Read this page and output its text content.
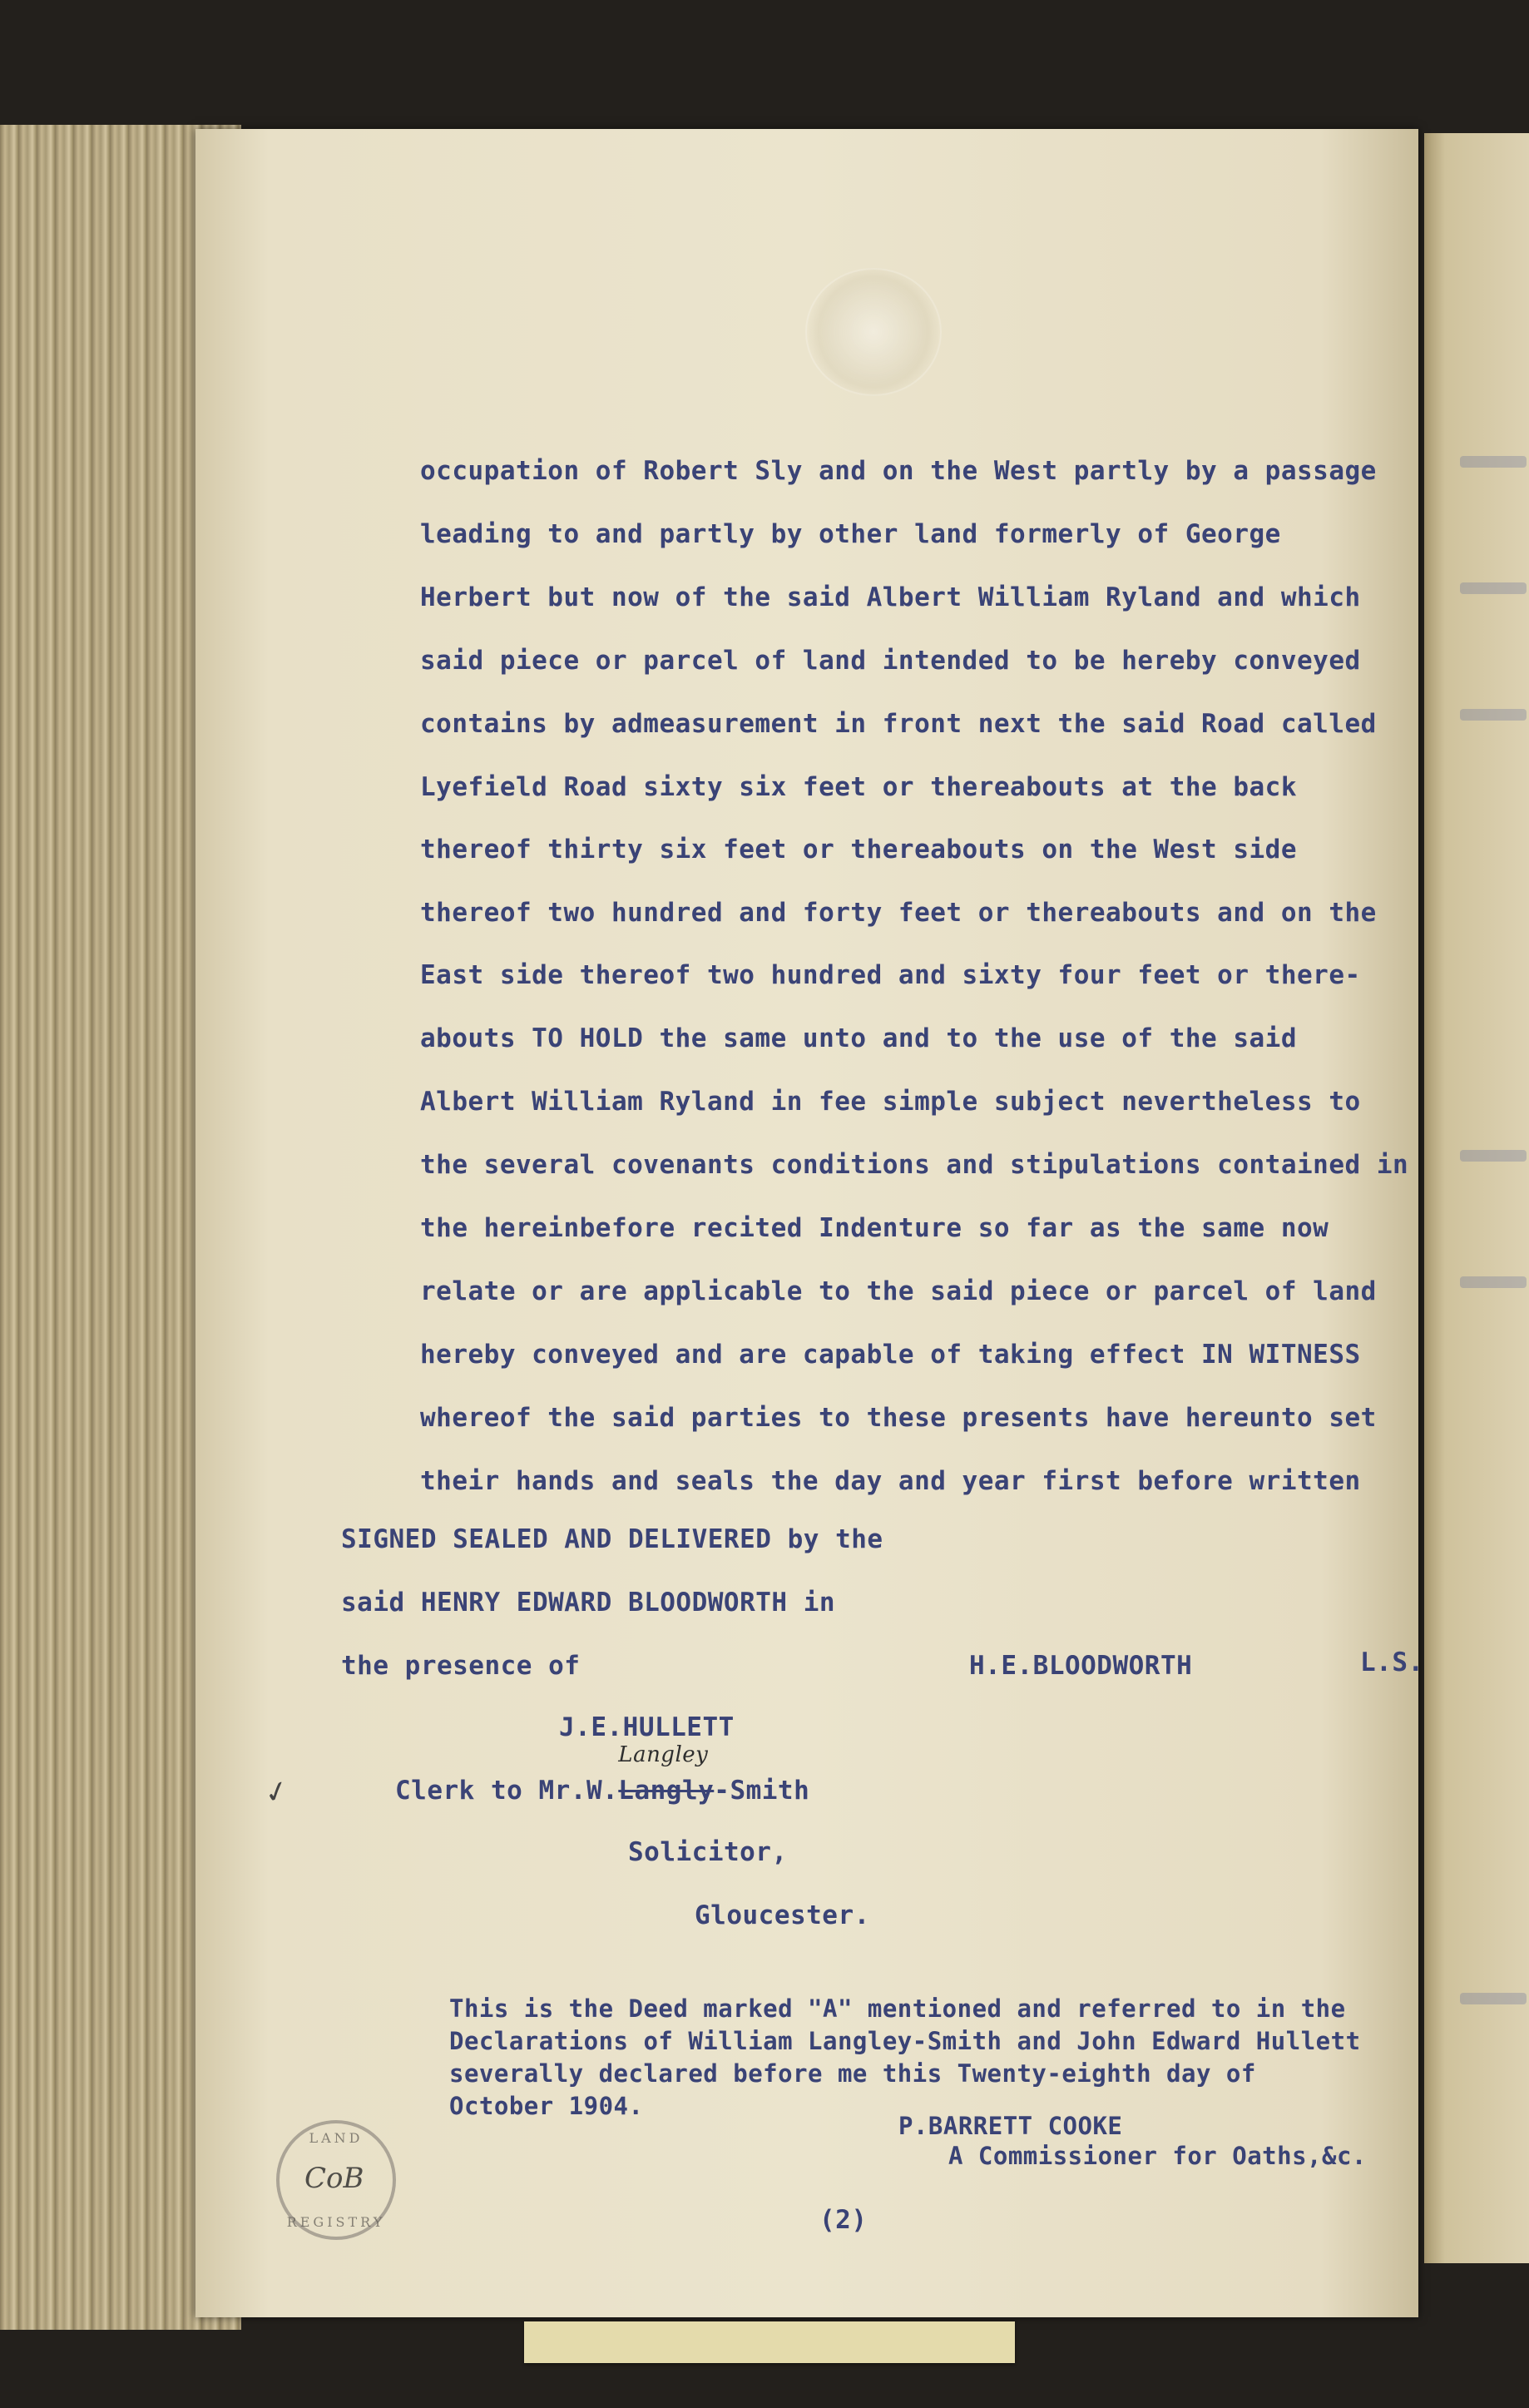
occupation of Robert Sly and on the West partly by a passage
leading to and partly by other land formerly of George
Herbert but now of the said Albert William Ryland and which
said piece or parcel of land intended to be hereby conveyed
contains by admeasurement in front next the said Road called
Lyefield Road sixty six feet or thereabouts at the back
thereof thirty six feet or thereabouts on the West side
thereof two hundred and forty feet or thereabouts and on the
East side thereof two hundred and sixty four feet or there-
abouts TO HOLD the same unto and to the use of the said
Albert William Ryland in fee simple subject nevertheless to
the several covenants conditions and stipulations contained in
the hereinbefore recited Indenture so far as the same now
relate or are applicable to the said piece or parcel of land
hereby conveyed and are capable of taking effect IN WITNESS
whereof the said parties to these presents have hereunto set
their hands and seals the day and year first before written
SIGNED SEALED AND DELIVERED by the
said HENRY EDWARD BLOODWORTH in
the presence of	H.E.BLOODWORTH	L.S.
J.E.HULLETT
✓	Clerk to Mr.W.
Langley
Langly-Smith
Solicitor,
Gloucester.
This is the Deed marked "A" mentioned and referred to in the
Declarations of William Langley-Smith and John Edward Hullett
severally declared before me this Twenty-eighth day of
October 1904.
P.BARRETT COOKE
A Commissioner for Oaths,&c.
LAND
CoB
REGISTRY	(2)
